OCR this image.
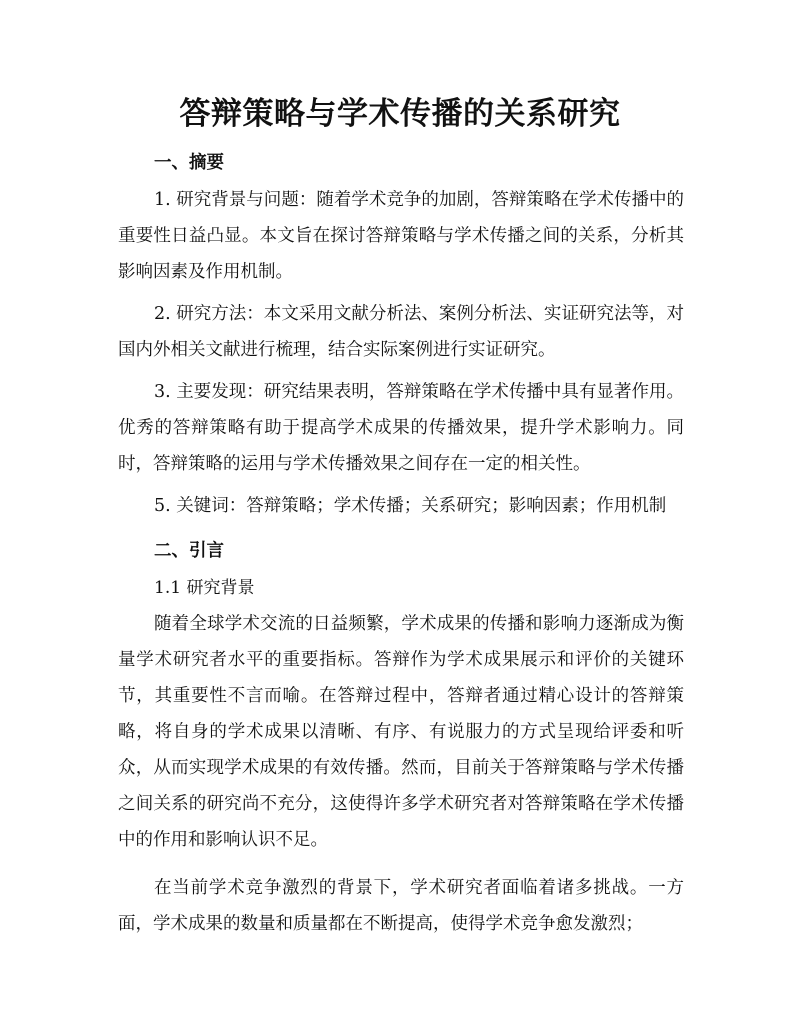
答辩策略与学术传播的关系研究
一、摘要

1. 研究背景与问题：随着学术竞争的加剧，答辩策略在学术传播中的重要性日益凸显。本文旨在探讨答辩策略与学术传播之间的关系，分析其影响因素及作用机制。

2. 研究方法：本文采用文献分析法、案例分析法、实证研究法等，对国内外相关文献进行梳理，结合实际案例进行实证研究。

3. 主要发现：研究结果表明，答辩策略在学术传播中具有显著作用。优秀的答辩策略有助于提高学术成果的传播效果，提升学术影响力。同时，答辩策略的运用与学术传播效果之间存在一定的相关性。

5. 关键词：答辩策略；学术传播；关系研究；影响因素；作用机制

二、引言
1.1 研究背景

随着全球学术交流的日益频繁，学术成果的传播和影响力逐渐成为衡量学术研究者水平的重要指标。答辩作为学术成果展示和评价的关键环节，其重要性不言而喻。在答辩过程中，答辩者通过精心设计的答辩策略，将自身的学术成果以清晰、有序、有说服力的方式呈现给评委和听众，从而实现学术成果的有效传播。然而，目前关于答辩策略与学术传播之间关系的研究尚不充分，这使得许多学术研究者对答辩策略在学术传播中的作用和影响认识不足。

在当前学术竞争激烈的背景下，学术研究者面临着诸多挑战。一方面，学术成果的数量和质量都在不断提高，使得学术竞争愈发激烈；
